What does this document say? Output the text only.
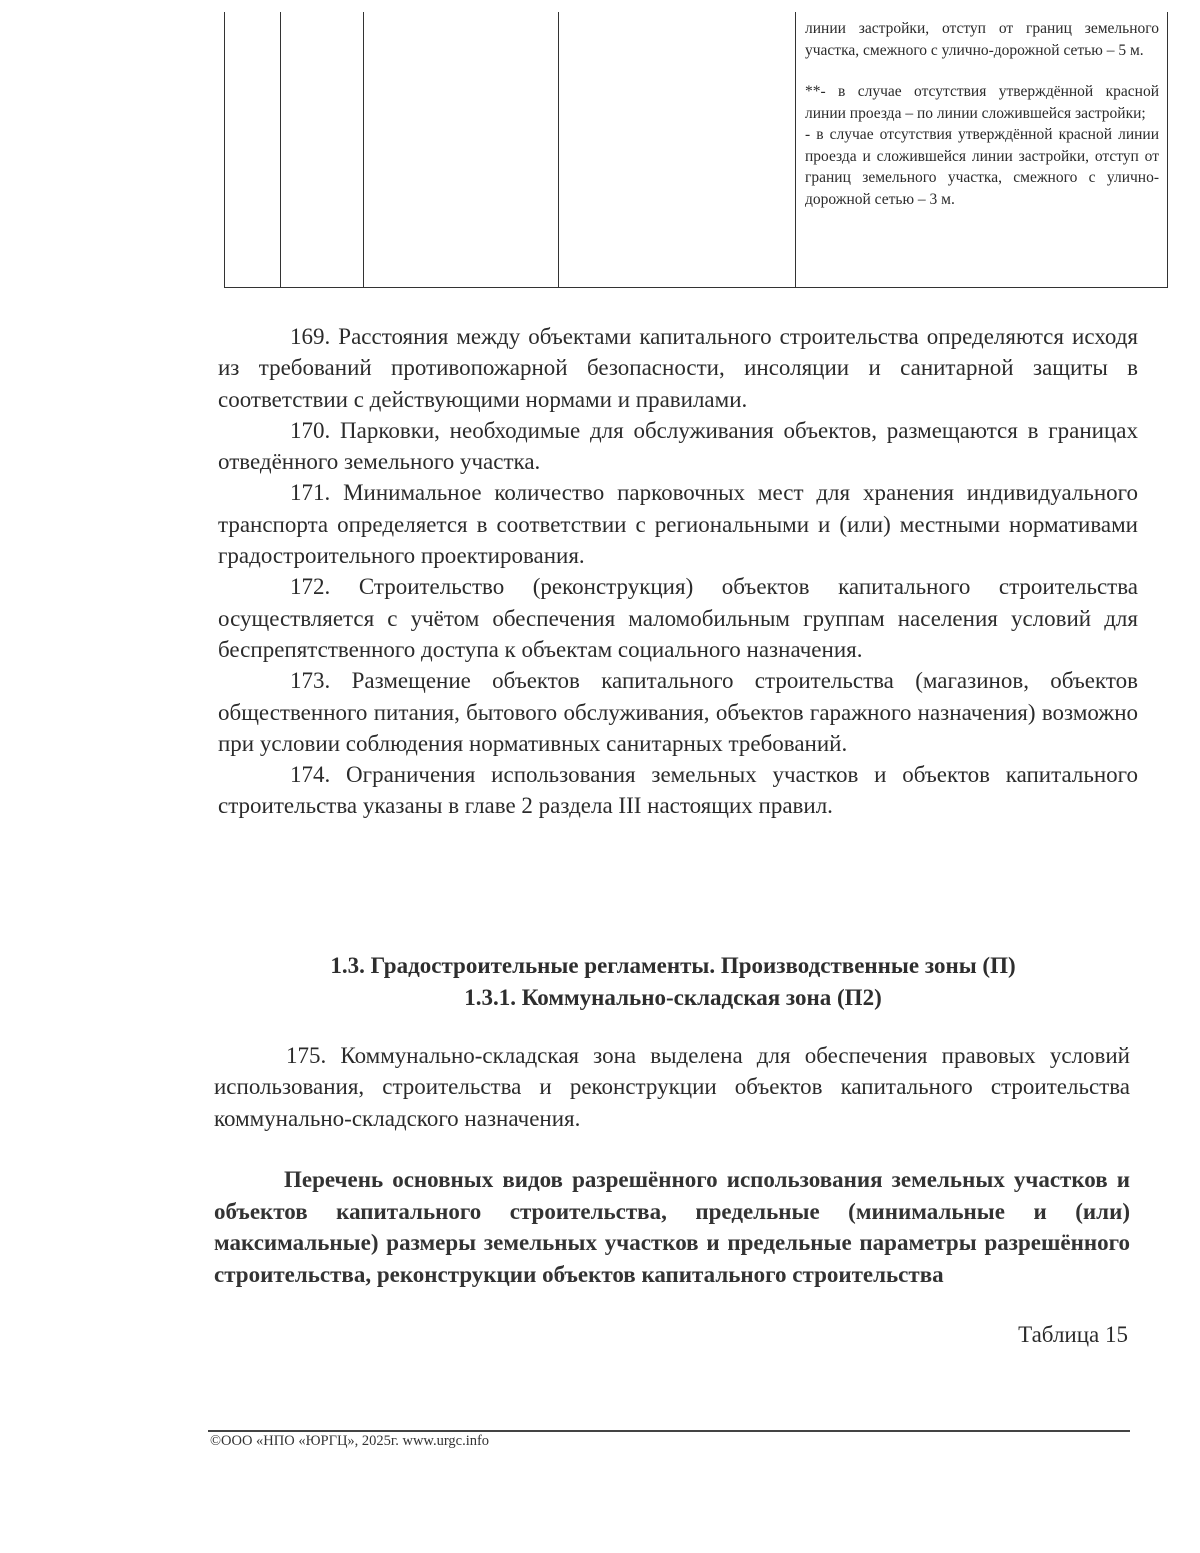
линии застройки, отступ от границ земельного участка, смежного с улично-дорожной сетью – 5 м.

**- в случае отсутствия утверждённой красной линии проезда – по линии сложившейся застройки;

- в случае отсутствия утверждённой красной линии проезда и сложившейся линии застройки, отступ от границ земельного участка, смежного с улично-дорожной сетью – 3 м.

169. Расстояния между объектами капитального строительства определяются исходя из требований противопожарной безопасности, инсоляции и санитарной защиты в соответствии с действующими нормами и правилами.

170. Парковки, необходимые для обслуживания объектов, размещаются в границах отведённого земельного участка.

171. Минимальное количество парковочных мест для хранения индивидуального транспорта определяется в соответствии с региональными и (или) местными нормативами градостроительного проектирования.

172. Строительство (реконструкция) объектов капитального строительства осуществляется с учётом обеспечения маломобильным группам населения условий для беспрепятственного доступа к объектам социального назначения.

173. Размещение объектов капитального строительства (магазинов, объектов общественного питания, бытового обслуживания, объектов гаражного назначения) возможно при условии соблюдения нормативных санитарных требований.

174. Ограничения использования земельных участков и объектов капитального строительства указаны в главе 2 раздела III настоящих правил.

1.3. Градостроительные регламенты. Производственные зоны (П)
1.3.1. Коммунально-складская зона (П2)

175. Коммунально-складская зона выделена для обеспечения правовых условий использования, строительства и реконструкции объектов капитального строительства коммунально-складского назначения.

Перечень основных видов разрешённого использования земельных участков и объектов капитального строительства, предельные (минимальные и (или) максимальные) размеры земельных участков и предельные параметры разрешённого строительства, реконструкции объектов капитального строительства

Таблица 15
©ООО «НПО «ЮРГЦ», 2025г. www.urgc.info
